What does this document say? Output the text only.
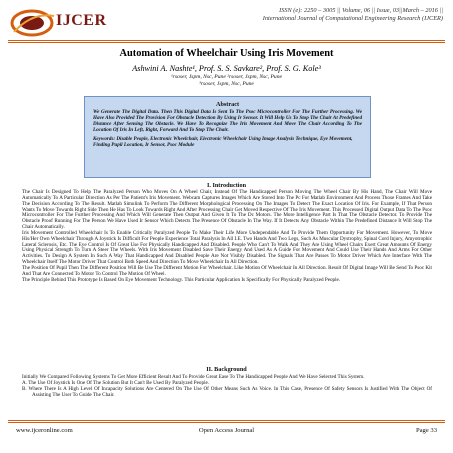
IJCER
ISSN (e): 2250 – 3005 || Volume, 06 || Issue, 03||March – 2016 ||
International Journal of Computational Engineering Research (IJCER)
Automation of Wheelchair Using Iris Movement
Ashwini A. Nashte¹, Prof. S. S. Savkare², Prof. S. G. Kole³
¹rsoser, Jspm, Nsc, Pune ²rsoser, Jspm, Nsc, Pune
³rsoser, Jspm, Nsc, Pune
Abstract
We Generate The Digital Data. Then This Digital Data Is Sent To The Psoc Microcontroller For The Further Processing. We Have Also Provided The Provision For Obstacle Detection By Using Ir Sensor. It Will Help Us To Stop The Chair At Predefined Distance After Sensing The Obstacle. We Have To Recognize The Iris Movement And Move The Chair According To The Location Of Iris In Left, Right, Forward And To Stop The Chair.
Keywords: Disable People, Electronic Wheelchair, Electronic Wheelchair Using Image Analysis Technique, Eye Movement, Finding Pupil Location, Ir Sensor, Psoc Module
I. Introduction

The Chair Is Designed To Help The Paralyzed Person Who Moves On A Wheel Chair, Instead Of The Handicapped Person Moving The Wheel Chair By His Hand, The Chair Will Move Automatically To A Particular Direction As Per The Patient's Iris Movement. Webcam Captures Images Which Are Stored Into The Pc For Matlab Environment And Process Those Frames And Take The Decision According To The Result. Matlab Simulink To Perform The Different Morphological Processing On The Images To Detect The Exact Location Of Iris. For Example, If That Person Wants To Move Towards Right Side Then He Has To Look Towards Right And After Processing Chair Get Moved Respective Of The Iris Movement. This Processed Digital Output Data To The Psoc Microcontroller For The Further Processing And Which Will Generate Then Output And Given It To The Dc Motors. The More Intelligence Part Is That The Obstacle Detector. To Provide The Obstacle Proof Running For The Person We Have Used Ir Sensor Which Detects The Presence Of Obstacle In The Way. If It Detects Any Obstacle Within The Predefined Distance It Will Stop The Chair Automatically.

Iris Movement Controlled Wheelchair Is To Enable Critically Paralyzed People To Make Their Life More Undependable And To Provide Them Opportunity For Movement. However, To Move His/Her Own Wheelchair Through A Joystick Is Difficult For People Experience Total Paralysis In All I.E. Two Hands And Two Legs, Such As Muscular Dystrophy, Spinal Cord Injury, Amyotrophic Lateral Sclerosis, Etc. The Eye Control Is Of Great Use For Physically Handicapped And Disabled. People Who Can't To Walk And They Are Using Wheel Chairs Exert Great Amounts Of Energy Using Physical Strength To Turn A Steer The Wheels. With Iris Movement Disabled Save Their Energy And Used As A Guide For Movement And Could Use Their Hands And Arms For Other Activities. To Design A System In Such A Way That Handicapped And Disabled People Are Not Visibly Disabled. The Signals That Are Passes To Motor Driver Which Are Interface With The Wheelchair Itself The Motor Driver That Control Both Speed And Direction To Move Wheelchair In All Direction.

The Position Of Pupil Then The Different Position Will Be Use The Different Motion For Wheelchair. Like Motion Of Wheelchair In All Direction. Result Of Digital Image Will Be Send To Psoc Kit And That Are Connected To Motor To Control The Motion Of Wheel.

The Principle Behind This Prototype Is Based On Eye Movement Technology. This Particular Application Is Specifically For Physically Paralyzed People.

II. Background

Initially We Compared Following Systems To Get More Efficient Result And To Provide Great Ease To The Handicapped People And We Have Selected This System.

A. The Use Of Joystick Is One Of The Solution But It Can't Be Used By Paralyzed People.

B. Where There Is A High Level Of Incapacity Solutions Are Centered On The Use Of Other Means Such As Voice. In This Case, Presence Of Safety Sensors Is Justified With The Object Of Assisting The User To Guide The Chair.

www.ijceronline.com	Open Access Journal	Page 33
